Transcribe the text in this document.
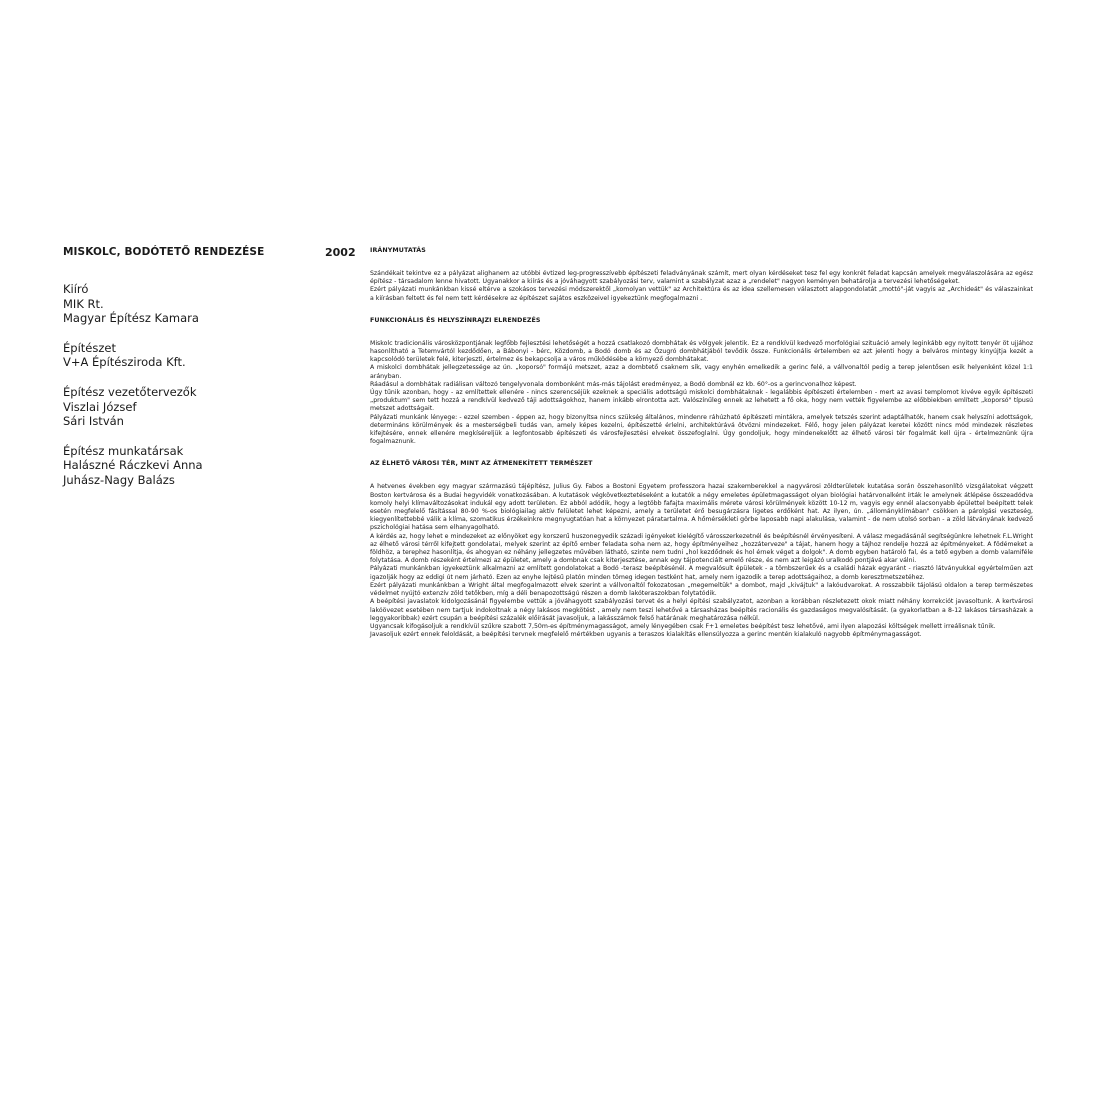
MISKOLC, BODÓTETŐ RENDEZÉSE
Kiíró
MIK Rt.
Magyar Építész Kamara
Építészet
V+A Építésziroda Kft.
Építész vezetőtervezők
Viszlai József
Sári István
Építész munkatársak
Halászné Ráczkevi Anna
Juhász-Nagy Balázs
2002 IRÁNYMUTATÁS

Szándékait tekintve ez a pályázat alighanem az utóbbi évtized leg-progresszívebb építészeti feladványának számít, mert olyan kérdéseket tesz fel egy konkrét feladat kapcsán amelyek megválaszolására az egész építész - társadalom lenne hivatott. Ugyanakkor a kiírás és a jóváhagyott szabályozási terv, valamint a szabályzat azaz a „rendelet" nagyon keményen behatárolja a tervezési lehetőségeket.

Ezért pályázati munkánkban kissé eltérve a szokásos tervezési módszerektől „komolyan vettük" az Architektúra és az idea szellemesen választott alapgondolatát „mottó"-ját vagyis az „Archideát" és válaszainkat a kiírásban feltett és fel nem tett kérdésekre az építészet sajátos eszközeivel igyekeztünk megfogalmazni .

FUNKCIONÁLIS ÉS HELYSZÍNRAJZI ELRENDEZÉS

Miskolc tradicionális városközpontjának legfőbb fejlesztési lehetőségét a hozzá csatlakozó dombhátak és völgyek jelentik. Ez a rendkívül kedvező morfológiai szituáció amely leginkább egy nyitott tenyér öt ujjához hasonlítható a Tetemvártól kezdődően, a Bábonyi - bérc, Közdomb, a Bodó domb és az Őzugró dombhátjából tevődik össze. Funkcionális értelemben ez azt jelenti hogy a belváros mintegy kinyújtja kezét a kapcsolódó területek felé, kiterjeszti, értelmez és bekapcsolja a város működésébe a környező dombhátakat.

A miskolci dombhátak jellegzetessége az ún. „koporsó" formájú metszet, azaz a dombtető csaknem sík, vagy enyhén emelkedik a gerinc felé, a vállvonaltól pedig a terep jelentősen esik helyenként közel 1:1 arányban.

Ráadásul a dombhátak radiálisan változó tengelyvonala dombonként más-más tájolást eredményez, a Bodó dombnál ez kb. 60°-os a gerincvonalhoz képest.

Úgy tűnik azonban, hogy - az említettek ellenére - nincs szerencséjük ezeknek a speciális adottságú miskolci dombhátaknak - legalábbis építészeti értelemben - mert az avasi templomot kivéve egyik építészeti „produktum" sem tett hozzá a rendkívül kedvező táji adottságokhoz, hanem inkább elrontotta azt. Valószínűleg ennek az lehetett a fő oka, hogy nem vették figyelembe az előbbiekben említett „koporsó" típusú metszet adottságait.

Pályázati munkánk lényege: - ezzel szemben - éppen az, hogy bizonyítsa nincs szükség általános, mindenre ráhúzható építészeti mintákra, amelyek tetszés szerint adaptálhatók, hanem csak helyszíni adottságok, determináns körülmények és a mesterségbeli tudás van, amely képes kezelni, építészetté érlelni, architektúrává ötvözni mindezeket. Félő, hogy jelen pályázat keretei között nincs mód mindezek részletes kifejtésére, ennek ellenére megkíséreljük a legfontosabb építészeti és városfejlesztési elveket összefoglalni. Úgy gondoljuk, hogy mindenekelőtt az élhető városi tér fogalmát kell újra - értelmeznünk újra fogalmaznunk.

AZ ÉLHETŐ VÁROSI TÉR, MINT AZ ÁTMENEKÍTETT TERMÉSZET

A hetvenes években egy magyar származású tájépítész, Julius Gy. Fabos a Bostoni Egyetem professzora hazai szakemberekkel a nagyvárosi zöldterületek kutatása során összehasonlító vizsgálatokat végzett Boston kertvárosa és a Budai hegyvidék vonatkozásában. A kutatások végkövetkeztetéseként a kutatók a négy emeletes épületmagasságot olyan biológiai határvonalként írták le amelynek átlépése összeadódva komoly helyi klímaváltozásokat indukál egy adott területen. Ez abból adódik, hogy a legtöbb fafajta maximális mérete városi körülmények között 10-12 m, vagyis egy ennél alacsonyabb épülettel beépített telek esetén megfelelő fásítással 80-90 %-os biológiailag aktív felületet lehet képezni, amely a területet érő besugárzásra ligetes erdőként hat. Az ilyen, ún. „állományklímában" csökken a párolgási veszteség, kiegyenlítettebbé válik a klíma, szomatikus érzékeinkre megnyugtatóan hat a környezet páratartalma. A hőmérsékleti görbe laposabb napi alakulása, valamint - de nem utolsó sorban - a zöld látványának kedvező pszichológiai hatása sem elhanyagolható.

A kérdés az, hogy lehet e mindezeket az előnyöket egy korszerű huszonegyedik századi igényeket kielégítő városszerkezetnél és beépítésnél érvényesíteni. A válasz megadásánál segítségünkre lehetnek F.L.Wright az élhető városi térről kifejtett gondolatai, melyek szerint az építő ember feladata soha nem az, hogy építményeihez „hozzáterveze" a tájat, hanem hogy a tájhoz rendelje hozzá az építményeket. A födémeket a földhöz, a terephez hasonlítja, és ahogyan ez néhány jellegzetes művében látható, szinte nem tudni „hol kezdődnek és hol érnek véget a dolgok". A domb egyben határoló fal, és a tető egyben a domb valamiféle folytatása. A domb részeként értelmezi az épületet, amely a dombnak csak kiterjesztése, annak egy tájpotenciált emelő része, és nem azt leigázó uralkodó pontjává akar válni.

Pályázati munkánkban igyekeztünk alkalmazni az említett gondolatokat a Bodó -terasz beépítésénél. A megvalósult épületek - a tömbszerűek és a családi házak egyaránt - riasztó látványukkal egyértelműen azt igazolják hogy az eddigi út nem járható. Ezen az enyhe lejtésű platón minden tömeg idegen testként hat, amely nem igazodik a terep adottságaihoz, a domb keresztmetszetéhez.

Ezért pályázati munkánkban a Wright által megfogalmazott elvek szerint a vállvonaltól fokozatosan „megemeltük" a dombot, majd „kivájtuk" a lakóudvarokat. A rosszabbik tájolású oldalon a terep természetes védelmet nyújtó extenzív zöld tetőkben, míg a déli benapozottságú részen a domb lakóteraszokban folytatódik.

A beépítési javaslatok kidolgozásánál figyelembe vettük a jóváhagyott szabályozási tervet és a helyi építési szabályzatot, azonban a korábban részletezett okok miatt néhány korrekciót javasoltunk. A kertvárosi lakóövezet esetében nem tartjuk indokoltnak a négy lakásos megkötést , amely nem teszi lehetővé a társasházas beépítés racionális és gazdaságos megvalósítását. (a gyakorlatban a 8-12 lakásos társasházak a leggyakoribbak) ezért csupán a beépítési százalék előírását javasoljuk, a lakásszámok felső határának meghatározása nélkül.

Ugyancsak kifogásoljuk a rendkívül szűkre szabott 7,50m-es építménymagasságot, amely lényegében csak F+1 emeletes beépítést tesz lehetővé, ami ilyen alapozási költségek mellett irreálisnak tűnik.

Javasoljuk ezért ennek feloldását, a beépítési tervnek megfelelő mértékben ugyanis a teraszos kialakítás ellensúlyozza a gerinc mentén kialakuló nagyobb építménymagasságot.
